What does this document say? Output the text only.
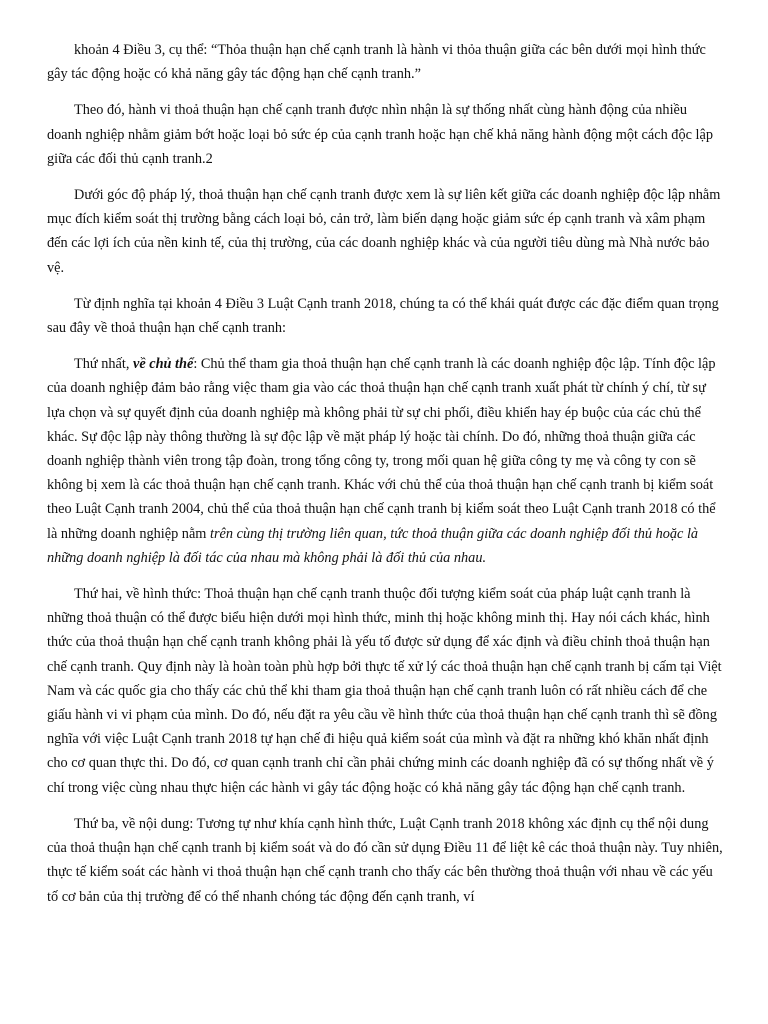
khoản 4 Điều 3, cụ thể: “Thỏa thuận hạn chế cạnh tranh là hành vi thỏa thuận giữa các bên dưới mọi hình thức gây tác động hoặc có khả năng gây tác động hạn chế cạnh tranh.”

Theo đó, hành vi thoả thuận hạn chế cạnh tranh được nhìn nhận là sự thống nhất cùng hành động của nhiều doanh nghiệp nhằm giảm bớt hoặc loại bỏ sức ép của cạnh tranh hoặc hạn chế khả năng hành động một cách độc lập giữa các đối thủ cạnh tranh.2

Dưới góc độ pháp lý, thoả thuận hạn chế cạnh tranh được xem là sự liên kết giữa các doanh nghiệp độc lập nhằm mục đích kiểm soát thị trường bằng cách loại bỏ, cản trở, làm biến dạng hoặc giảm sức ép cạnh tranh và xâm phạm đến các lợi ích của nền kinh tế, của thị trường, của các doanh nghiệp khác và của người tiêu dùng mà Nhà nước bảo vệ.

Từ định nghĩa tại khoản 4 Điều 3 Luật Cạnh tranh 2018, chúng ta có thể khái quát được các đặc điểm quan trọng sau đây về thoả thuận hạn chế cạnh tranh:

Thứ nhất, về chủ thể: Chủ thể tham gia thoả thuận hạn chế cạnh tranh là các doanh nghiệp độc lập. Tính độc lập của doanh nghiệp đảm bảo rằng việc tham gia vào các thoả thuận hạn chế cạnh tranh xuất phát từ chính ý chí, từ sự lựa chọn và sự quyết định của doanh nghiệp mà không phải từ sự chi phối, điều khiển hay ép buộc của các chủ thể khác. Sự độc lập này thông thường là sự độc lập về mặt pháp lý hoặc tài chính. Do đó, những thoả thuận giữa các doanh nghiệp thành viên trong tập đoàn, trong tổng công ty, trong mối quan hệ giữa công ty mẹ và công ty con sẽ không bị xem là các thoả thuận hạn chế cạnh tranh. Khác với chủ thể của thoả thuận hạn chế cạnh tranh bị kiểm soát theo Luật Cạnh tranh 2004, chủ thể của thoả thuận hạn chế cạnh tranh bị kiểm soát theo Luật Cạnh tranh 2018 có thể là những doanh nghiệp nằm trên cùng thị trường liên quan, tức thoả thuận giữa các doanh nghiệp đối thủ hoặc là những doanh nghiệp là đối tác của nhau mà không phải là đối thủ của nhau.

Thứ hai, về hình thức: Thoả thuận hạn chế cạnh tranh thuộc đối tượng kiểm soát của pháp luật cạnh tranh là những thoả thuận có thể được biểu hiện dưới mọi hình thức, minh thị hoặc không minh thị. Hay nói cách khác, hình thức của thoả thuận hạn chế cạnh tranh không phải là yếu tố được sử dụng để xác định và điều chỉnh thoả thuận hạn chế cạnh tranh. Quy định này là hoàn toàn phù hợp bởi thực tế xử lý các thoả thuận hạn chế cạnh tranh bị cấm tại Việt Nam và các quốc gia cho thấy các chủ thể khi tham gia thoả thuận hạn chế cạnh tranh luôn có rất nhiều cách để che giấu hành vi vi phạm của mình. Do đó, nếu đặt ra yêu cầu về hình thức của thoả thuận hạn chế cạnh tranh thì sẽ đồng nghĩa với việc Luật Cạnh tranh 2018 tự hạn chế đi hiệu quả kiểm soát của mình và đặt ra những khó khăn nhất định cho cơ quan thực thi. Do đó, cơ quan cạnh tranh chỉ cần phải chứng minh các doanh nghiệp đã có sự thống nhất về ý chí trong việc cùng nhau thực hiện các hành vi gây tác động hoặc có khả năng gây tác động hạn chế cạnh tranh.

Thứ ba, về nội dung: Tương tự như khía cạnh hình thức, Luật Cạnh tranh 2018 không xác định cụ thể nội dung của thoả thuận hạn chế cạnh tranh bị kiểm soát và do đó cần sử dụng Điều 11 để liệt kê các thoả thuận này. Tuy nhiên, thực tế kiểm soát các hành vi thoả thuận hạn chế cạnh tranh cho thấy các bên thường thoả thuận với nhau về các yếu tố cơ bản của thị trường để có thể nhanh chóng tác động đến cạnh tranh, ví
